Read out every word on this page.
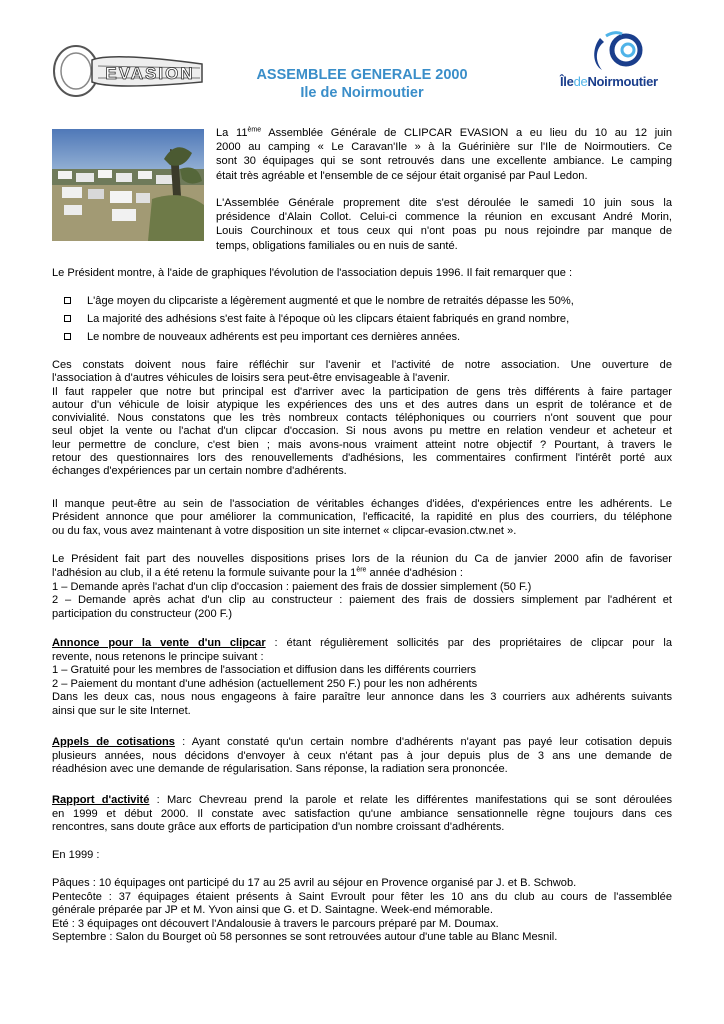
EVASION	ASSEMBLEE GENERALE 2000
Ile de Noirmoutier
ÎledeNoirmoutier
La 11ème Assemblée Générale de CLIPCAR EVASION a eu lieu du 10 au 12 juin
2000 au camping « Le Caravan'Ile » à la Guérinière sur l'Ile de Noirmoutiers. Ce
sont 30 équipages qui se sont retrouvés dans une excellente ambiance. Le camping
était très agréable et l'ensemble de ce séjour était organisé par Paul Ledon.
L'Assemblée Générale proprement dite s'est déroulée le samedi 10 juin sous la
présidence d'Alain Collot. Celui-ci commence la réunion en excusant André Morin,
Louis Courchinoux et tous ceux qui n'ont poas pu nous rejoindre par manque de
temps, obligations familiales ou en nuis de santé.
Le Président montre, à l'aide de graphiques l'évolution de l'association depuis 1996. Il fait remarquer que :
L'âge moyen du clipcariste a légèrement augmenté et que le nombre de retraités dépasse les 50%,
La majorité des adhésions s'est faite à l'époque où les clipcars étaient fabriqués en grand nombre,
Le nombre de nouveaux adhérents est peu important ces dernières années.
Ces constats doivent nous faire réfléchir sur l'avenir et l'activité de notre association. Une ouverture de
l'association à d'autres véhicules de loisirs sera peut-être envisageable à l'avenir.
Il faut rappeler que notre but principal est d'arriver avec la participation de gens très différents à faire partager
autour d'un véhicule de loisir atypique les expériences des uns et des autres dans un esprit de tolérance et de
convivialité. Nous constatons que les très nombreux contacts téléphoniques ou courriers n'ont souvent que pour
seul objet la vente ou l'achat d'un clipcar d'occasion. Si nous avons pu mettre en relation vendeur et acheteur et
leur permettre de conclure, c'est bien ; mais avons-nous vraiment atteint notre objectif ? Pourtant, à travers le
retour des questionnaires lors des renouvellements d'adhésions, les commentaires confirment l'intérêt porté aux
échanges d'expériences par un certain nombre d'adhérents.
Il manque peut-être au sein de l'association de véritables échanges d'idées, d'expériences entre les adhérents. Le
Président annonce que pour améliorer la communication, l'efficacité, la rapidité en plus des courriers, du téléphone
ou du fax, vous avez maintenant à votre disposition un site internet « clipcar-evasion.ctw.net ».
Le Président fait part des nouvelles dispositions prises lors de la réunion du Ca de janvier 2000 afin de favoriser
l'adhésion au club, il a été retenu la formule suivante pour la 1ère année d'adhésion :
1 – Demande après l'achat d'un clip d'occasion : paiement des frais de dossier simplement (50 F.)
2 – Demande après achat d'un clip au constructeur : paiement des frais de dossiers simplement par l'adhérent et
participation du constructeur (200 F.)
Annonce pour la vente d'un clipcar : étant régulièrement sollicités par des propriétaires de clipcar pour la
revente, nous retenons le principe suivant :
1 – Gratuité pour les membres de l'association et diffusion dans les différents courriers
2 – Paiement du montant d'une adhésion (actuellement 250 F.) pour les non adhérents
Dans les deux cas, nous nous engageons à faire paraître leur annonce dans les 3 courriers aux adhérents suivants
ainsi que sur le site Internet.
Appels de cotisations : Ayant constaté qu'un certain nombre d'adhérents n'ayant pas payé leur cotisation depuis
plusieurs années, nous décidons d'envoyer à ceux n'étant pas à jour depuis plus de 3 ans une demande de
réadhésion avec une demande de régularisation. Sans réponse, la radiation sera prononcée.
Rapport d'activité : Marc Chevreau prend la parole et relate les différentes manifestations qui se sont déroulées
en 1999 et début 2000. Il constate avec satisfaction qu'une ambiance sensationnelle règne toujours dans ces
rencontres, sans doute grâce aux efforts de participation d'un nombre croissant d'adhérents.
En 1999 :
Pâques : 10 équipages ont participé du 17 au 25 avril au séjour en Provence organisé par J. et B. Schwob.
Pentecôte : 37 équipages étaient présents à Saint Evroult pour fêter les 10 ans du club au cours de l'assemblée
générale préparée par JP et M. Yvon ainsi que G. et D. Saintagne. Week-end mémorable.
Eté : 3 équipages ont découvert l'Andalousie à travers le parcours préparé par M. Doumax.
Septembre : Salon du Bourget où 58 personnes se sont retrouvées autour d'une table au Blanc Mesnil.
